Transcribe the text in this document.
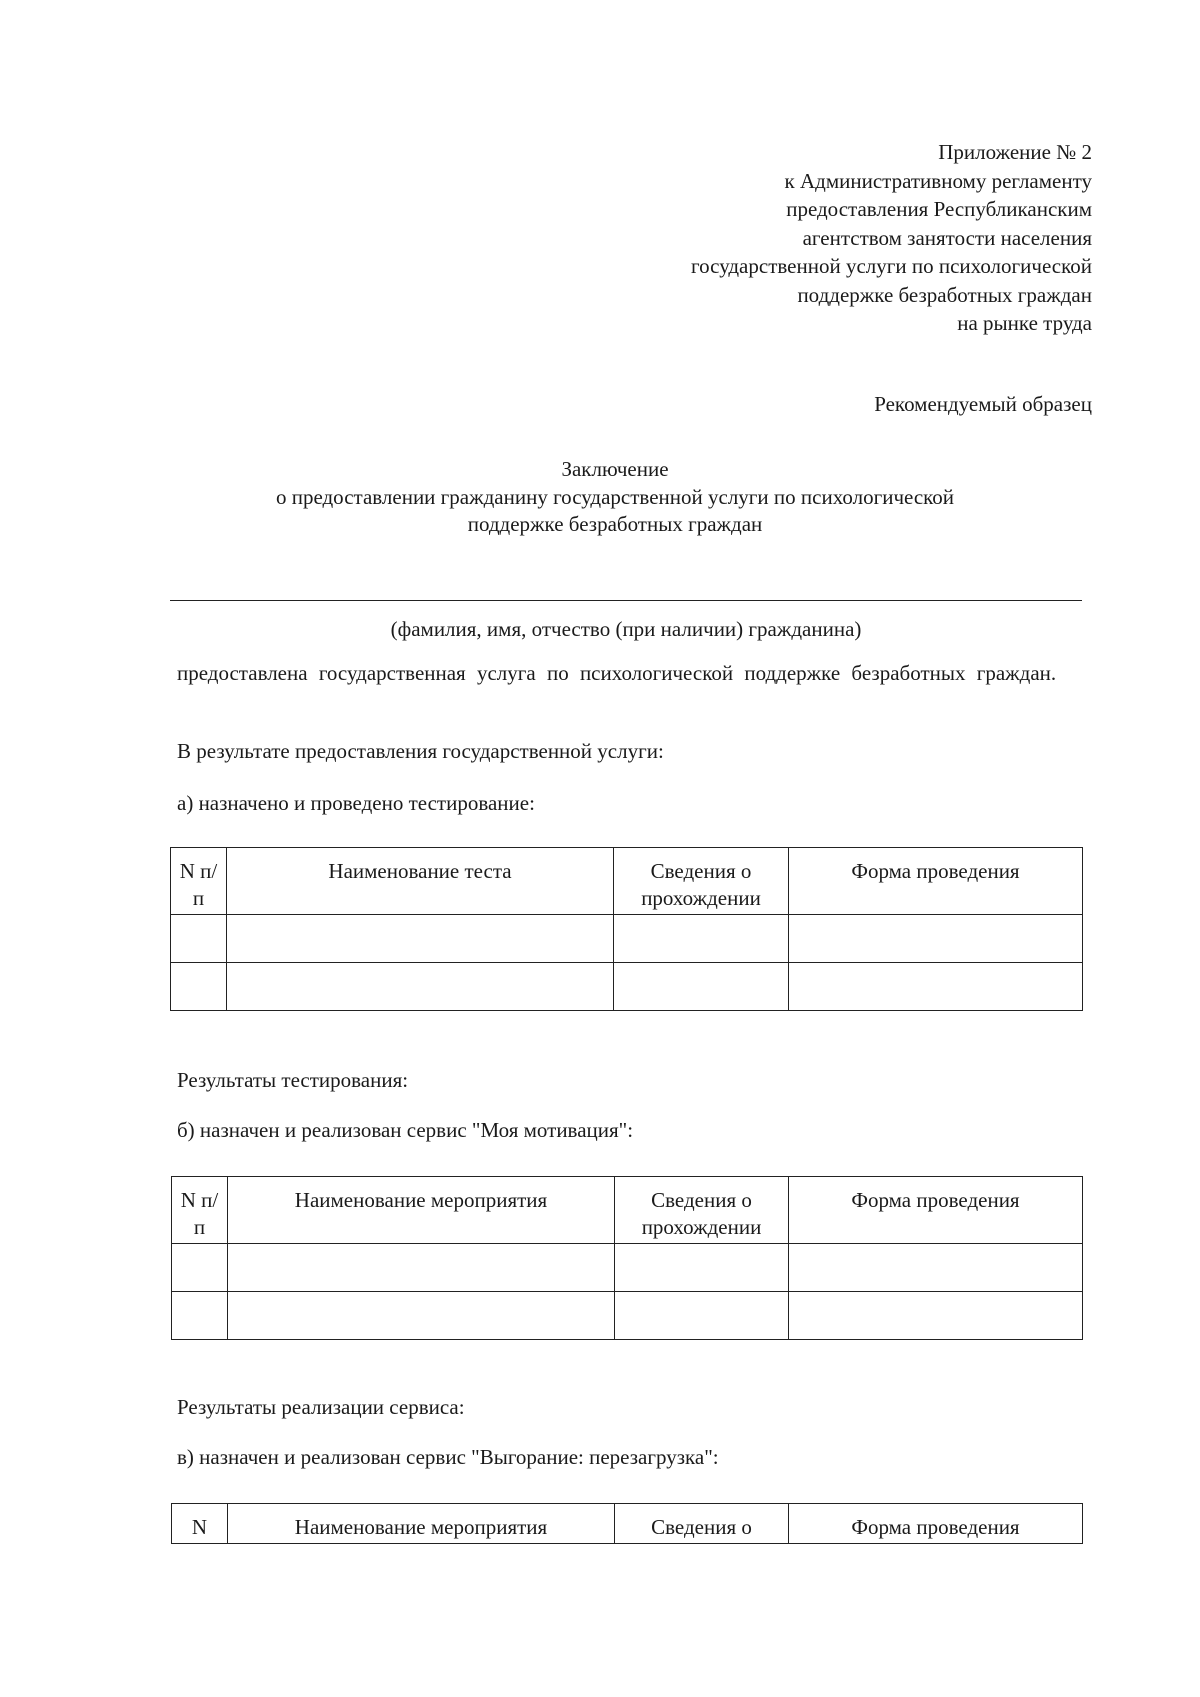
Приложение № 2
к Административному регламенту
предоставления Республиканским
агентством занятости населения
государственной услуги по психологической
поддержке безработных граждан
на рынке труда
Рекомендуемый образец
Заключение
о предоставлении гражданину государственной услуги по психологической
поддержке безработных граждан
(фамилия, имя, отчество (при наличии) гражданина)
предоставлена государственная услуга по психологической поддержке безработных граждан.
В результате предоставления государственной услуги:
а) назначено и проведено тестирование:
N п/п	Наименование теста	Сведения о прохождении	Форма проведения

Результаты тестирования:
б) назначен и реализован сервис "Моя мотивация":
N п/п	Наименование мероприятия	Сведения о прохождении	Форма проведения

Результаты реализации сервиса:
в) назначен и реализован сервис "Выгорание: перезагрузка":
N	Наименование мероприятия	Сведения о	Форма проведения
